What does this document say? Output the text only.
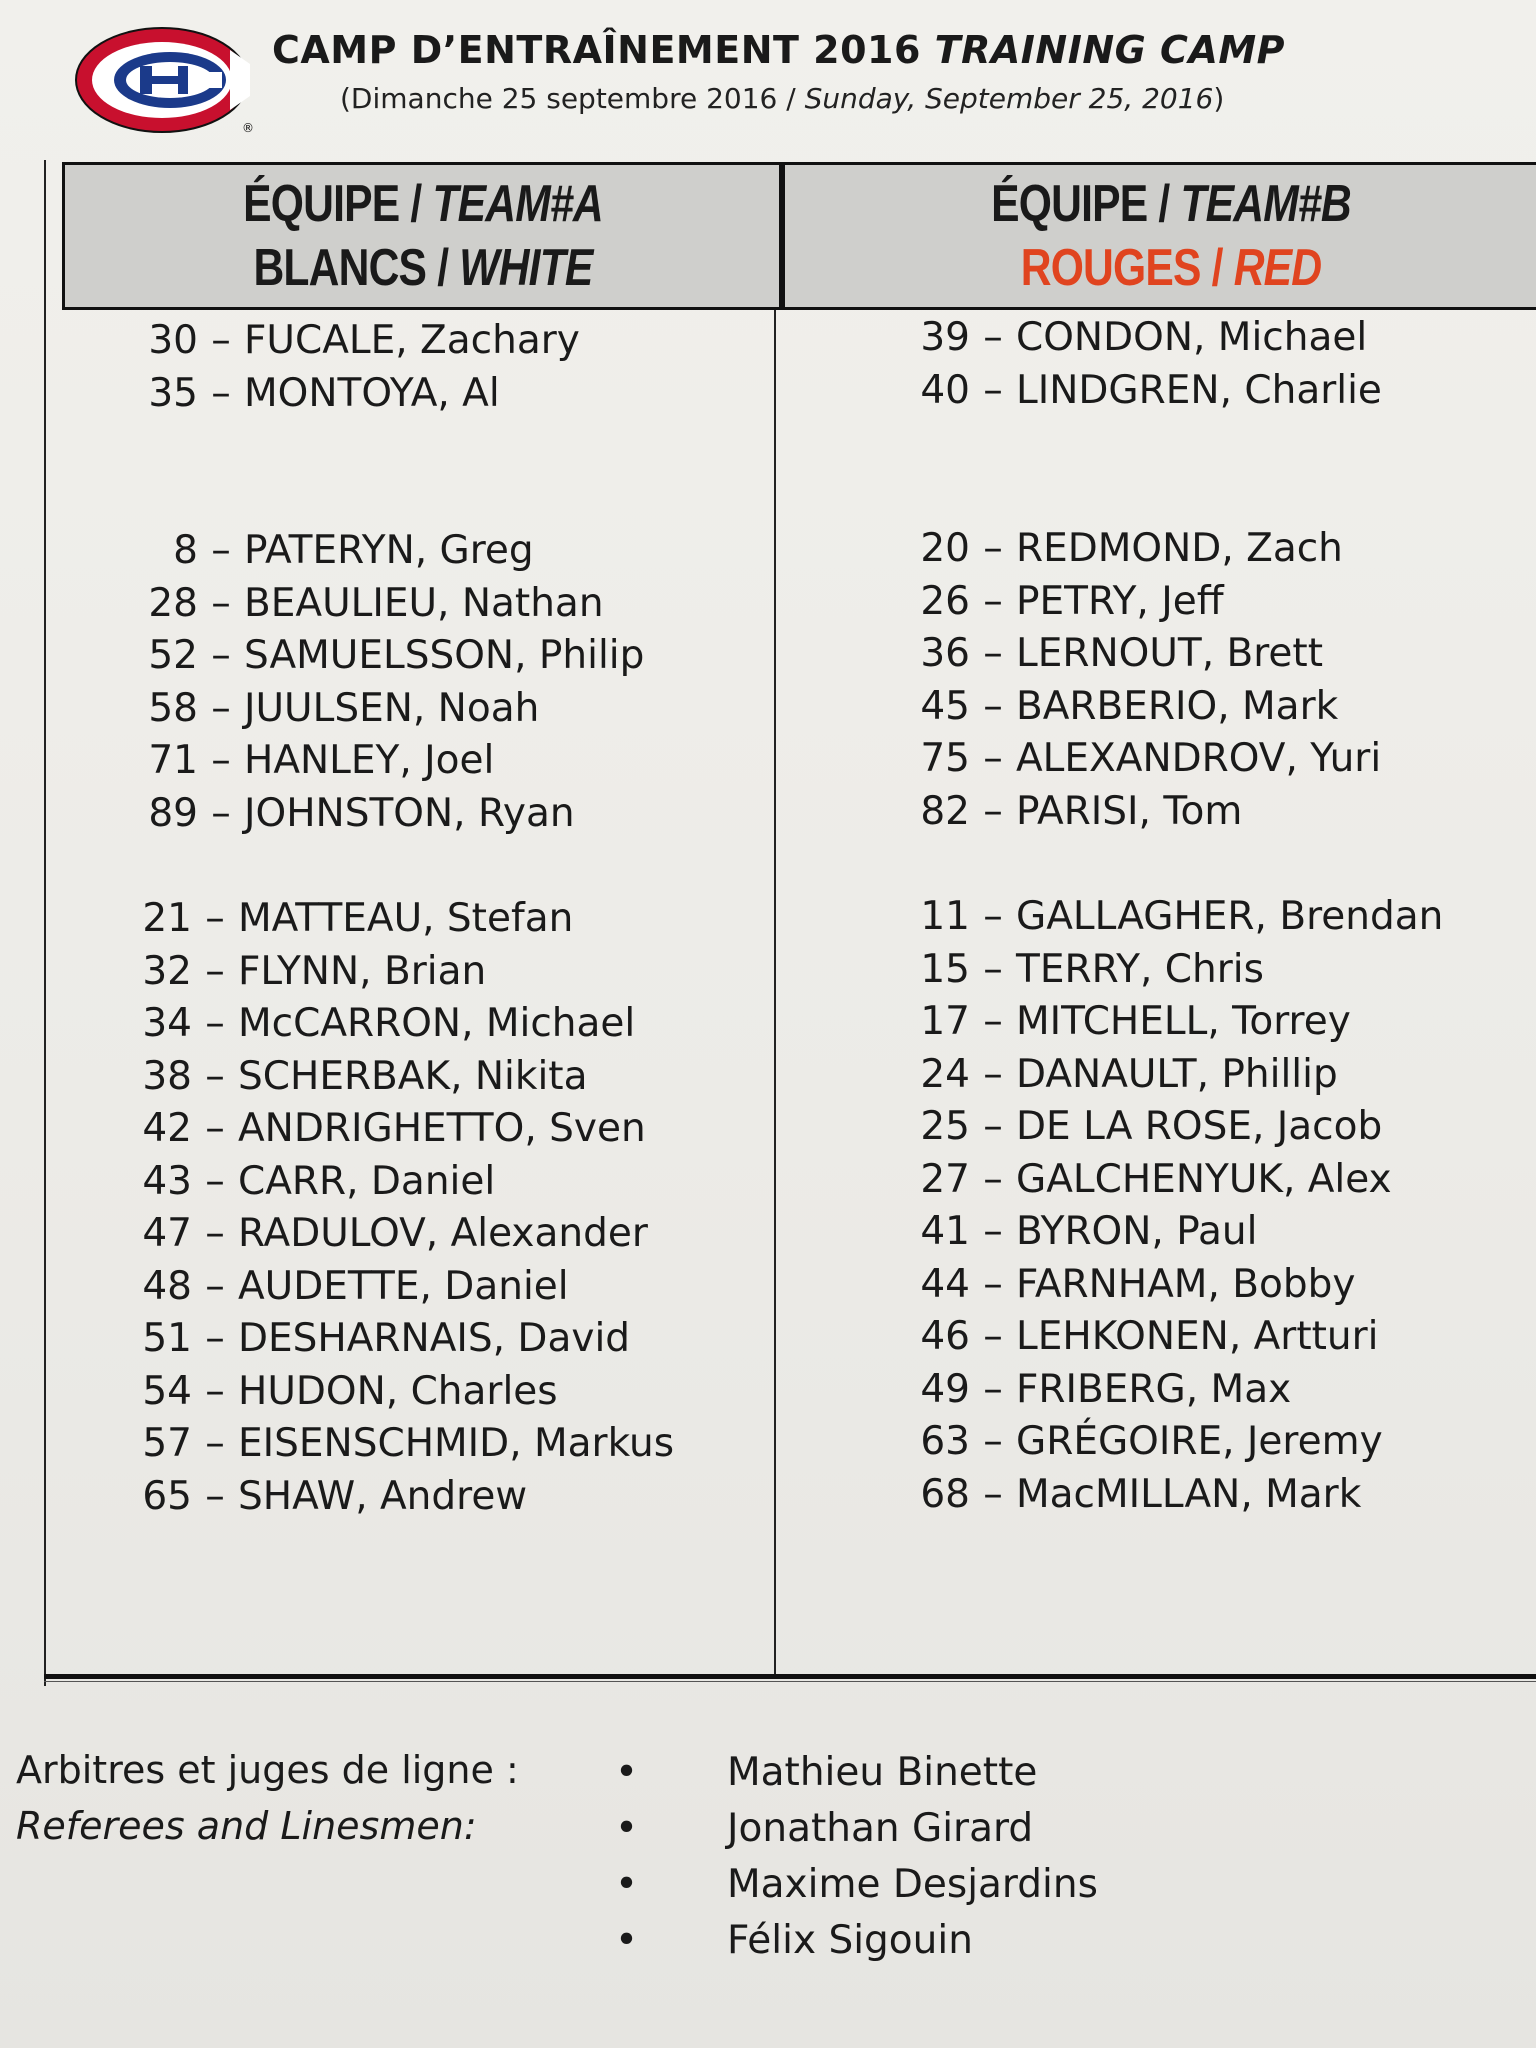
®
CAMP D’ENTRAÎNEMENT 2016 TRAINING CAMP
(Dimanche 25 septembre 2016 / Sunday, September 25, 2016)
ÉQUIPE / TEAM#A
BLANCS / WHITE
ÉQUIPE / TEAM#B
ROUGES / RED
30 – FUCALE, Zachary
35 – MONTOYA, Al
8 – PATERYN, Greg
28 – BEAULIEU, Nathan
52 – SAMUELSSON, Philip
58 – JUULSEN, Noah
71 – HANLEY, Joel
89 – JOHNSTON, Ryan
21 – MATTEAU, Stefan
32 – FLYNN, Brian
34 – McCARRON, Michael
38 – SCHERBAK, Nikita
42 – ANDRIGHETTO, Sven
43 – CARR, Daniel
47 – RADULOV, Alexander
48 – AUDETTE, Daniel
51 – DESHARNAIS, David
54 – HUDON, Charles
57 – EISENSCHMID, Markus
65 – SHAW, Andrew
39 – CONDON, Michael
40 – LINDGREN, Charlie
20 – REDMOND, Zach
26 – PETRY, Jeff
36 – LERNOUT, Brett
45 – BARBERIO, Mark
75 – ALEXANDROV, Yuri
82 – PARISI, Tom
11 – GALLAGHER, Brendan
15 – TERRY, Chris
17 – MITCHELL, Torrey
24 – DANAULT, Phillip
25 – DE LA ROSE, Jacob
27 – GALCHENYUK, Alex
41 – BYRON, Paul
44 – FARNHAM, Bobby
46 – LEHKONEN, Artturi
49 – FRIBERG, Max
63 – GRÉGOIRE, Jeremy
68 – MacMILLAN, Mark
Arbitres et juges de ligne :
Referees and Linesmen:
•	Mathieu Binette
•	Jonathan Girard
•	Maxime Desjardins
•	Félix Sigouin
